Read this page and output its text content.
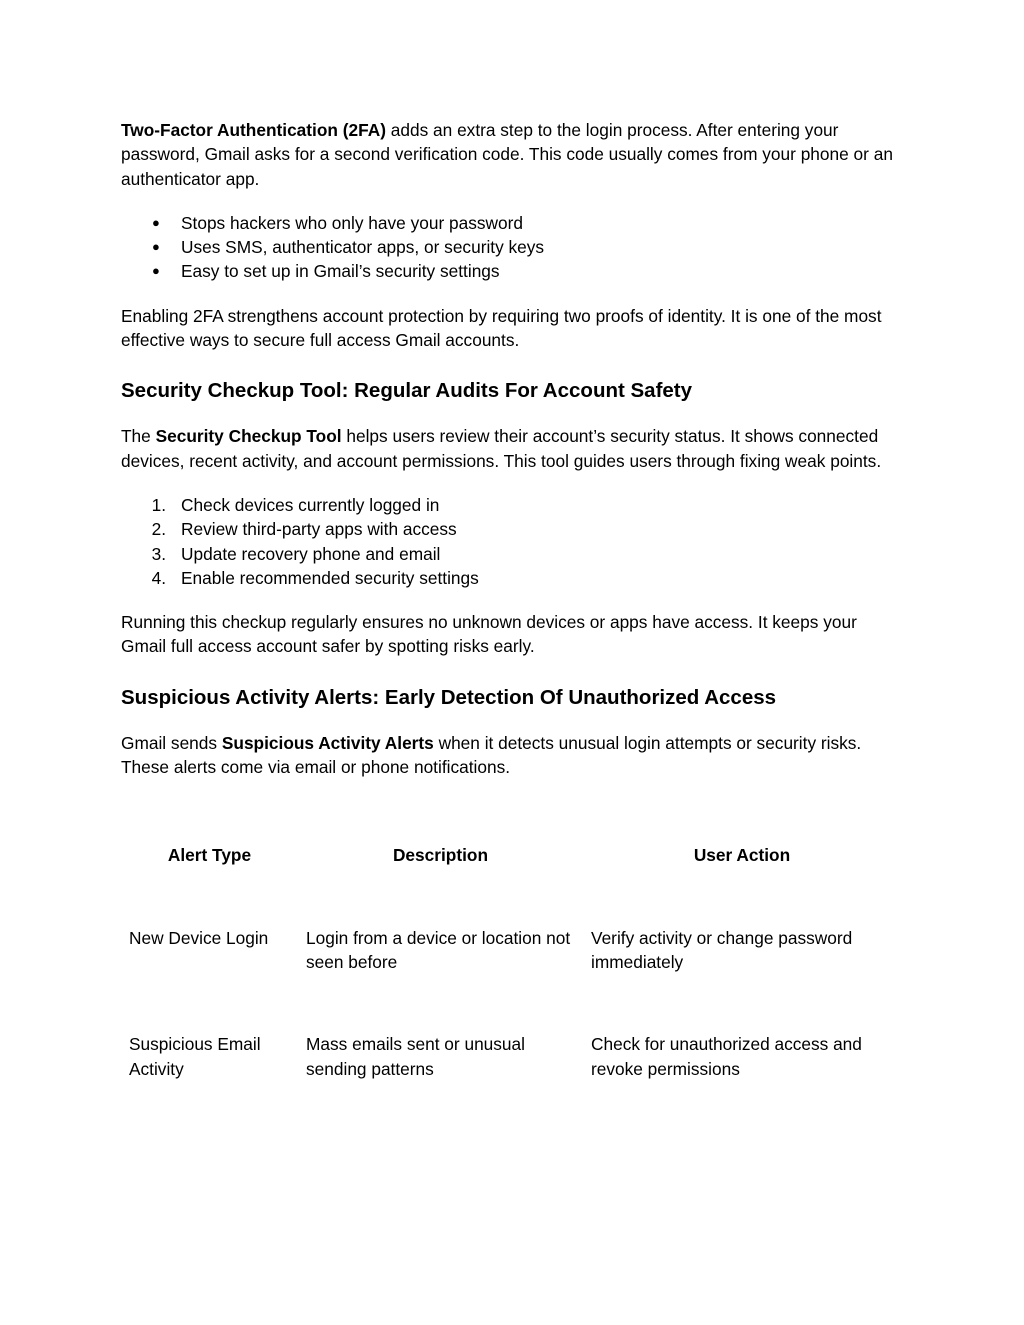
Two-Factor Authentication (2FA) adds an extra step to the login process. After entering your password, Gmail asks for a second verification code. This code usually comes from your phone or an authenticator app.

● Stops hackers who only have your password
● Uses SMS, authenticator apps, or security keys
● Easy to set up in Gmail’s security settings

Enabling 2FA strengthens account protection by requiring two proofs of identity. It is one of the most effective ways to secure full access Gmail accounts.

Security Checkup Tool: Regular Audits For Account Safety

The Security Checkup Tool helps users review their account’s security status. It shows connected devices, recent activity, and account permissions. This tool guides users through fixing weak points.

1. Check devices currently logged in
2. Review third-party apps with access
3. Update recovery phone and email
4. Enable recommended security settings

Running this checkup regularly ensures no unknown devices or apps have access. It keeps your Gmail full access account safer by spotting risks early.

Suspicious Activity Alerts: Early Detection Of Unauthorized Access

Gmail sends Suspicious Activity Alerts when it detects unusual login attempts or security risks. These alerts come via email or phone notifications.

Alert Type	Description	User Action
New Device Login	Login from a device or location not seen before	Verify activity or change password immediately
Suspicious Email Activity	Mass emails sent or unusual sending patterns	Check for unauthorized access and revoke permissions
